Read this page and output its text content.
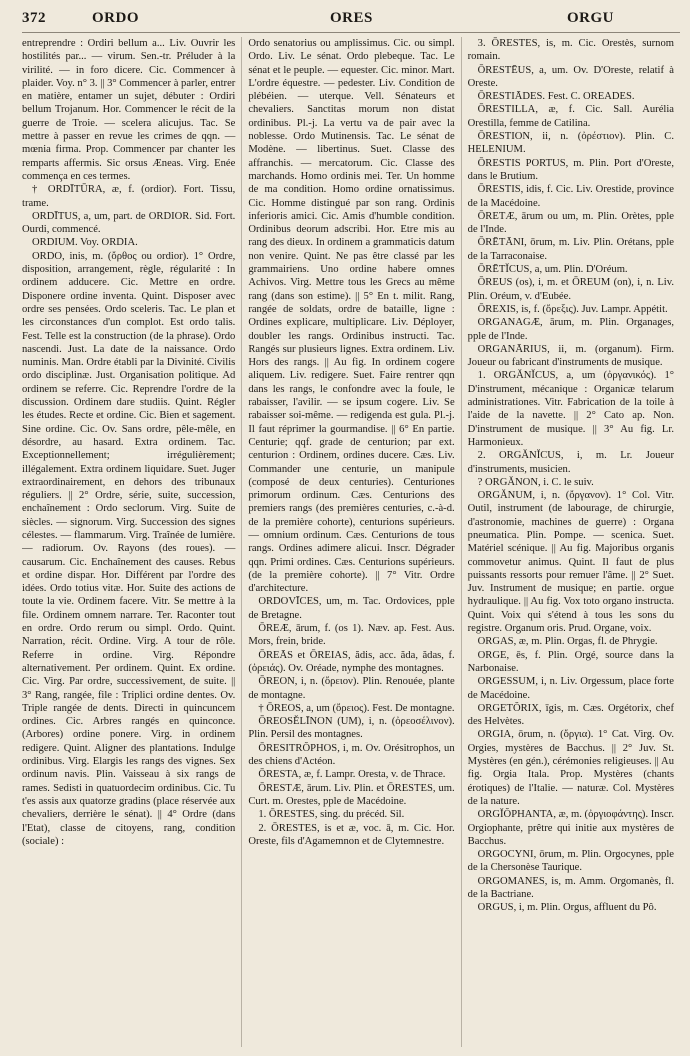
372	ORDO	ORES	ORGU

entreprendre : Ordiri bellum a... Liv. Ouvrir les hostilités par... — virum. Sen.-tr. Préluder à la virilité. — in foro dicere. Cic. Commencer à plaider. Voy. n° 3. || 3° Commencer à parler, entrer en matière, entamer un sujet, débuter : Ordiri bellum Trojanum. Hor. Commencer le récit de la guerre de Troie. — scelera alicujus. Tac. Se mettre à passer en revue les crimes de qqn. — mœnia firma. Prop. Commencer par chanter les remparts affermis. Sic orsus Æneas. Virg. Enée commença en ces termes.

† ORDĪTŪRA, æ, f. (ordior). Fort. Tissu, trame.

ORDĪTUS, a, um, part. de ORDIOR. Sid. Fort. Ourdi, commencé.

ORDIUM. Voy. ORDIA.

ORDO, inis, m. (ὄρθος ou ordior). 1° Ordre, disposition, arrangement, règle, régularité : In ordinem adducere. Cic. Mettre en ordre. Disponere ordine inventa. Quint. Disposer avec ordre ses pensées. Ordo sceleris. Tac. Le plan et les circonstances d'un complot. Est ordo talis. Fest. Telle est la construction (de la phrase). Ordo nascendi. Just. La date de la naissance. Ordo numinis. Man. Ordre établi par la Divinité. Civilis ordo disciplinæ. Just. Organisation politique. Ad ordinem se referre. Cic. Reprendre l'ordre de la discussion. Ordinem dare studiis. Quint. Régler les études. Recte et ordine. Cic. Bien et sagement. Sine ordine. Cic. Ov. Sans ordre, pêle-mêle, en désordre, au hasard. Extra ordinem. Tac. Exceptionnellement; irrégulièrement; illégalement. Extra ordinem liquidare. Suet. Juger extraordinairement, en dehors des tribunaux réguliers. || 2° Ordre, série, suite, succession, enchaînement : Ordo seclorum. Virg. Suite de siècles. — signorum. Virg. Succession des signes célestes. — flammarum. Virg. Traînée de lumière. — radiorum. Ov. Rayons (des roues). — causarum. Cic. Enchaînement des causes. Rebus et ordine dispar. Hor. Différent par l'ordre des idées. Ordo totius vitæ. Hor. Suite des actions de toute la vie. Ordinem facere. Vitr. Se mettre à la file. Ordinem omnem narrare. Ter. Raconter tout en ordre. Ordo rerum ou simpl. Ordo. Quint. Narration, récit. Ordine. Virg. A tour de rôle. Referre in ordine. Virg. Répondre alternativement. Per ordinem. Quint. Ex ordine. Cic. Virg. Par ordre, successivement, de suite. || 3° Rang, rangée, file : Triplici ordine dentes. Ov. Triple rangée de dents. Directi in quincuncem ordines. Cic. Arbres rangés en quinconce. (Arbores) ordine ponere. Virg. in ordinem redigere. Quint. Aligner des plantations. Indulge ordinibus. Virg. Elargis les rangs des vignes. Sex ordinum navis. Plin. Vaisseau à six rangs de rames. Sedisti in quatuordecim ordinibus. Cic. Tu t'es assis aux quatorze gradins (place réservée aux chevaliers, derrière le sénat). || 4° Ordre (dans l'Etat), classe de citoyens, rang, condition (sociale) :

Ordo senatorius ou amplissimus. Cic. ou simpl. Ordo. Liv. Le sénat. Ordo plebeque. Tac. Le sénat et le peuple. — equester. Cic. minor. Mart. L'ordre équestre. — pedester. Liv. Condition de plébéien. — uterque. Vell. Sénateurs et chevaliers. Sanctitas morum non distat ordinibus. Pl.-j. La vertu va de pair avec la noblesse. Ordo Mutinensis. Tac. Le sénat de Modène. — libertinus. Suet. Classe des affranchis. — mercatorum. Cic. Classe des marchands. Homo ordinis mei. Ter. Un homme de ma condition. Homo ordine ornatissimus. Cic. Homme distingué par son rang. Ordinis inferioris amici. Cic. Amis d'humble condition. Ordinibus deorum adscribi. Hor. Etre mis au rang des dieux. In ordinem a grammaticis datum non venire. Quint. Ne pas être classé par les grammairiens. Uno ordine habere omnes Achivos. Virg. Mettre tous les Grecs au même rang (dans son estime). || 5° En t. milit. Rang, rangée de soldats, ordre de bataille, ligne : Ordines explicare, multiplicare. Liv. Déployer, doubler les rangs. Ordinibus instructi. Tac. Rangés sur plusieurs lignes. Extra ordinem. Liv. Hors des rangs. || Au fig. In ordinem cogere aliquem. Liv. redigere. Suet. Faire rentrer qqn dans les rangs, le confondre avec la foule, le rabaisser, l'avilir. — se ipsum cogere. Liv. Se rabaisser soi-même. — redigenda est gula. Pl.-j. Il faut réprimer la gourmandise. || 6° En partie. Centurie; qqf. grade de centurion; par ext. centurion : Ordinem, ordines ducere. Cæs. Liv. Commander une centurie, un manipule (composé de deux centuries). Centuriones primorum ordinum. Cæs. Centurions des premiers rangs (des premières centuries, c.-à-d. de la première cohorte), centurions supérieurs. — omnium ordinum. Cæs. Centurions de tous rangs. Ordines adimere alicui. Inscr. Dégrader qqn. Primi ordines. Cæs. Centurions supérieurs. (de la première cohorte). || 7° Vitr. Ordre d'architecture.

ORDOVĪCES, um, m. Tac. Ordovices, pple de Bretagne.

ŌREÆ, ārum, f. (os 1). Næv. ap. Fest. Aus. Mors, frein, bride.

ŌREĀS et ŌREIAS, ădis, acc. ăda, ădas, f. (ὀρειάς). Ov. Oréade, nymphe des montagnes.

ŌREON, i, n. (ὄρειον). Plin. Renouée, plante de montagne.

† ŌREOS, a, um (ὄρειος). Fest. De montagne.

ŌREOSĔLĪNON (UM), i, n. (ὀρεοσέλινον). Plin. Persil des montagnes.

ŌRESITRŎPHOS, i, m. Ov. Orésitrophos, un des chiens d'Actéon.

ŌRESTA, æ, f. Lampr. Oresta, v. de Thrace.

ŌRESTÆ, ārum. Liv. Plin. et ŌRESTES, um. Curt. m. Orestes, pple de Macédoine.

1. ŌRESTES, sing. du précéd. Sil.

2. ŌRESTES, is et æ, voc. ā, m. Cic. Hor. Oreste, fils d'Agamemnon et de Clytemnestre.

3. ŌRESTES, is, m. Cic. Orestès, surnom romain.

ŌRESTĒUS, a, um. Ov. D'Oreste, relatif à Oreste.

ŌRESTIĀDES. Fest. C. OREADES.

ŌRESTILLA, æ, f. Cic. Sall. Aurélia Orestilla, femme de Catilina.

ŌRESTION, ii, n. (ὀρέστιον). Plin. C. HELENIUM.

ŌRESTIS PORTUS, m. Plin. Port d'Oreste, dans le Brutium.

ŌRESTIS, idis, f. Cic. Liv. Orestide, province de la Macédoine.

ŌRETÆ, ārum ou um, m. Plin. Orètes, pple de l'Inde.

ŌRĒTĀNI, ōrum, m. Liv. Plin. Orétans, pple de la Tarraconaise.

ŌRĒTĬCUS, a, um. Plin. D'Oréum.

ŌREUS (os), i, m. et ŌREUM (on), i, n. Liv. Plin. Oréum, v. d'Eubée.

ŌREXIS, is, f. (ὄρεξις). Juv. Lampr. Appétit.

ORGANAGÆ, ārum, m. Plin. Organages, pple de l'Inde.

ORGANĀRIUS, ii, m. (organum). Firm. Joueur ou fabricant d'instruments de musique.

1. ORGĂNĬCUS, a, um (ὀργανικός). 1° D'instrument, mécanique : Organicæ telarum administrationes. Vitr. Fabrication de la toile à l'aide de la navette. || 2° Cato ap. Non. D'instrument de musique. || 3° Au fig. Lr. Harmonieux.

2. ORGĂNĬCUS, i, m. Lr. Joueur d'instruments, musicien.

? ORGĂNON, i. C. le suiv.

ORGĂNUM, i, n. (ὄργανον). 1° Col. Vitr. Outil, instrument (de labourage, de chirurgie, d'astronomie, machines de guerre) : Organa pneumatica. Plin. Pompe. — scenica. Suet. Matériel scénique. || Au fig. Majoribus organis commovetur animus. Quint. Il faut de plus puissants ressorts pour remuer l'âme. || 2° Suet. Juv. Instrument de musique; en partie. orgue hydraulique. || Au fig. Vox toto organo instructa. Quint. Voix qui s'étend à tous les sons du registre. Organum oris. Prud. Organe, voix.

ORGAS, æ, m. Plin. Orgas, fl. de Phrygie.

ORGE, ēs, f. Plin. Orgé, source dans la Narbonaise.

ORGESSUM, i, n. Liv. Orgessum, place forte de Macédoine.

ORGETŎRIX, īgis, m. Cæs. Orgétorix, chef des Helvètes.

ORGIA, ōrum, n. (ὄργια). 1° Cat. Virg. Ov. Orgies, mystères de Bacchus. || 2° Juv. St. Mystères (en gén.), cérémonies religieuses. || Au fig. Orgia Itala. Prop. Mystères (chants érotiques) de l'Italie. — naturæ. Col. Mystères de la nature.

ORGĬŎPHANTA, æ, m. (ὀργιοφάντης). Inscr. Orgiophante, prêtre qui initie aux mystères de Bacchus.

ORGOCYNI, ōrum, m. Plin. Orgocynes, pple de la Chersonèse Taurique.

ORGOMANES, is, m. Amm. Orgomanès, fl. de la Bactriane.

ORGUS, i, m. Plin. Orgus, affluent du Pô.
